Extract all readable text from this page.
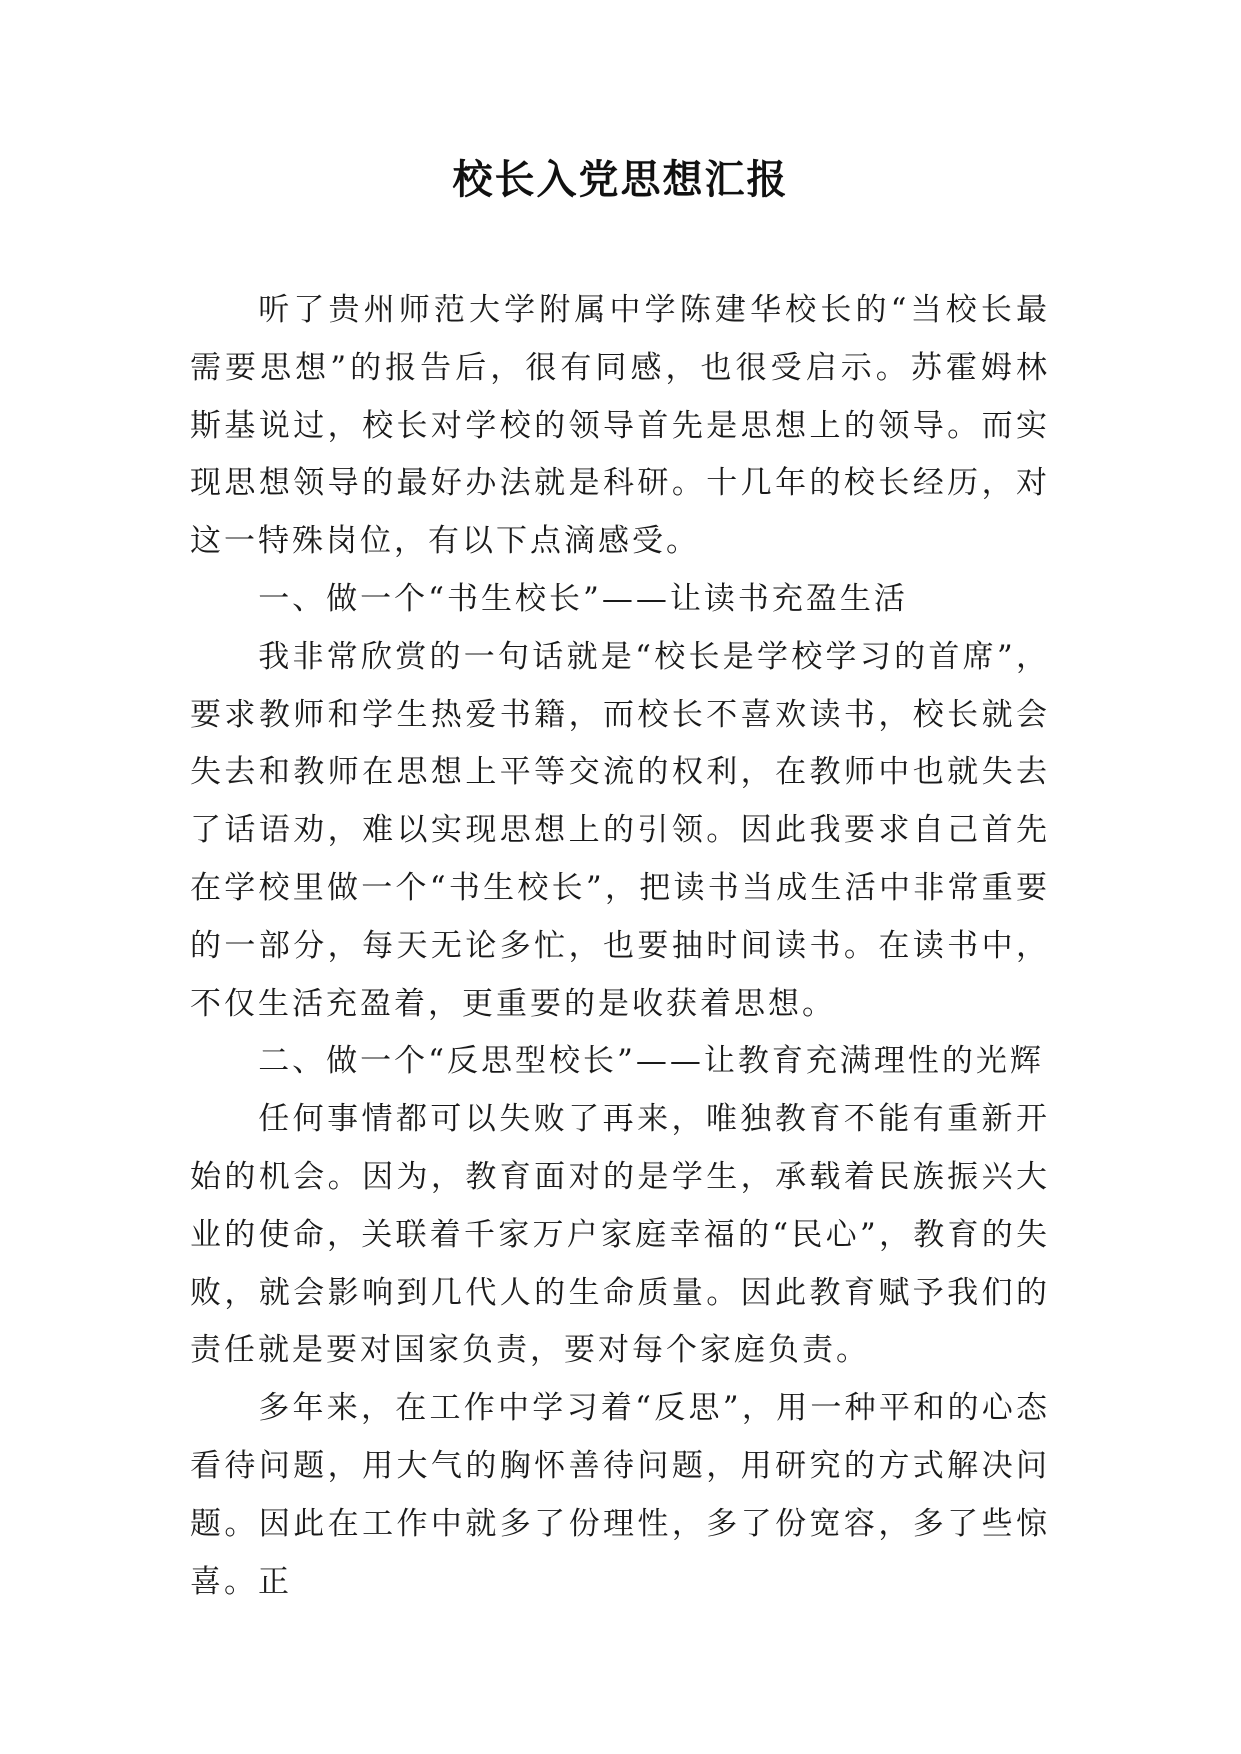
校长入党思想汇报

听了贵州师范大学附属中学陈建华校长的“当校长最需要思想”的报告后，很有同感，也很受启示。苏霍姆林斯基说过，校长对学校的领导首先是思想上的领导。而实现思想领导的最好办法就是科研。十几年的校长经历，对这一特殊岗位，有以下点滴感受。

一、做一个“书生校长”——让读书充盈生活

我非常欣赏的一句话就是“校长是学校学习的首席”，要求教师和学生热爱书籍，而校长不喜欢读书，校长就会失去和教师在思想上平等交流的权利，在教师中也就失去了话语劝，难以实现思想上的引领。因此我要求自己首先在学校里做一个“书生校长”，把读书当成生活中非常重要的一部分，每天无论多忙，也要抽时间读书。在读书中，不仅生活充盈着，更重要的是收获着思想。

二、做一个“反思型校长”——让教育充满理性的光辉

任何事情都可以失败了再来，唯独教育不能有重新开始的机会。因为，教育面对的是学生，承载着民族振兴大业的使命，关联着千家万户家庭幸福的“民心”，教育的失败，就会影响到几代人的生命质量。因此教育赋予我们的责任就是要对国家负责，要对每个家庭负责。

多年来，在工作中学习着“反思”，用一种平和的心态看待问题，用大气的胸怀善待问题，用研究的方式解决问题。因此在工作中就多了份理性，多了份宽容，多了些惊喜。正
